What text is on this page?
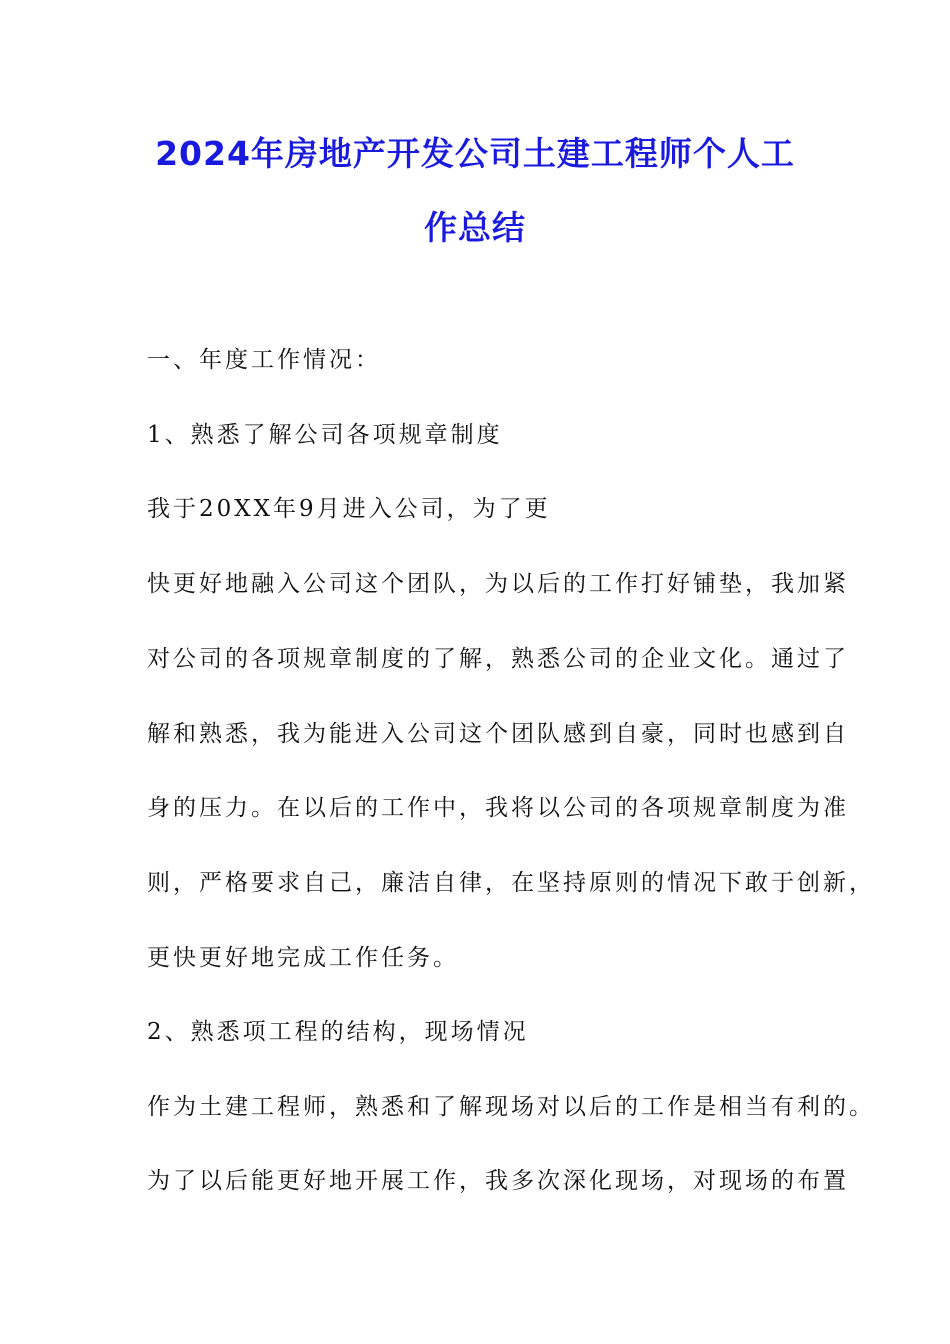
2024年房地产开发公司土建工程师个人工
作总结
一、年度工作情况：
1、熟悉了解公司各项规章制度
我于20XX年9月进入公司，为了更
快更好地融入公司这个团队，为以后的工作打好铺垫，我加紧
对公司的各项规章制度的了解，熟悉公司的企业文化。通过了
解和熟悉，我为能进入公司这个团队感到自豪，同时也感到自
身的压力。在以后的工作中，我将以公司的各项规章制度为准
则，严格要求自己，廉洁自律，在坚持原则的情况下敢于创新，
更快更好地完成工作任务。
2、熟悉项工程的结构，现场情况
作为土建工程师，熟悉和了解现场对以后的工作是相当有利的。
为了以后能更好地开展工作，我多次深化现场，对现场的布置
